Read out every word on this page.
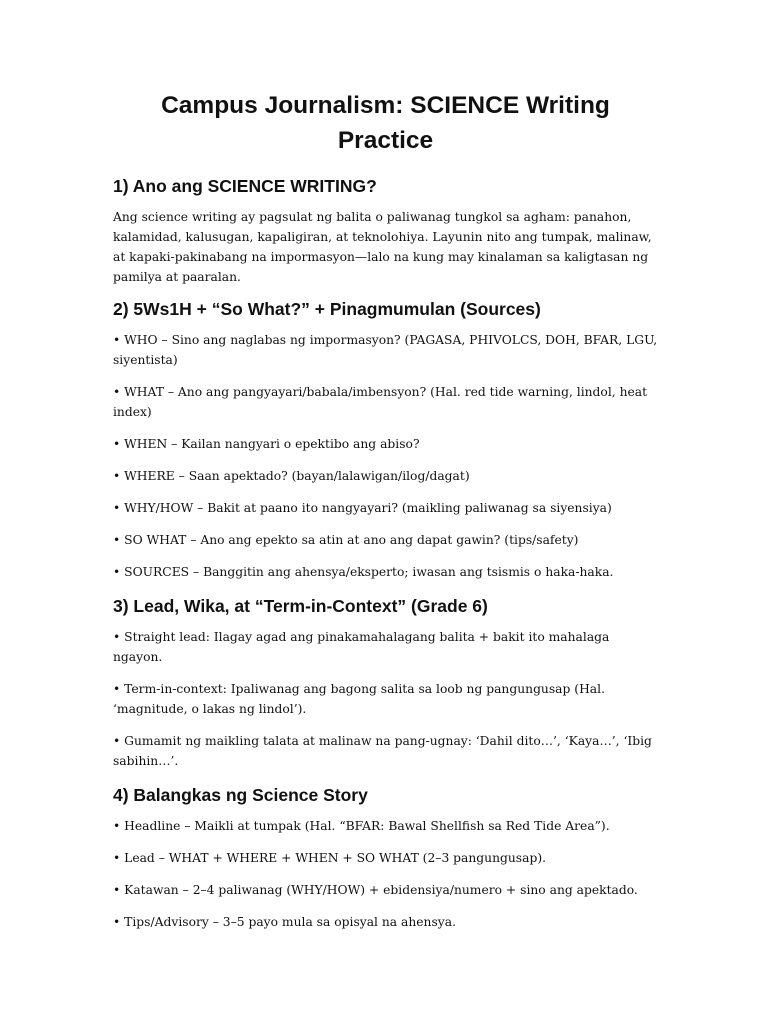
Campus Journalism: SCIENCE Writing Practice
1) Ano ang SCIENCE WRITING?

Ang science writing ay pagsulat ng balita o paliwanag tungkol sa agham: panahon, kalamidad, kalusugan, kapaligiran, at teknolohiya. Layunin nito ang tumpak, malinaw, at kapaki-pakinabang na impormasyon—lalo na kung may kinalaman sa kaligtasan ng pamilya at paaralan.

2) 5Ws1H + “So What?” + Pinagmumulan (Sources)

• WHO – Sino ang naglabas ng impormasyon? (PAGASA, PHIVOLCS, DOH, BFAR, LGU, siyentista)

• WHAT – Ano ang pangyayari/babala/imbensyon? (Hal. red tide warning, lindol, heat index)

• WHEN – Kailan nangyari o epektibo ang abiso?

• WHERE – Saan apektado? (bayan/lalawigan/ilog/dagat)

• WHY/HOW – Bakit at paano ito nangyayari? (maikling paliwanag sa siyensiya)

• SO WHAT – Ano ang epekto sa atin at ano ang dapat gawin? (tips/safety)

• SOURCES – Banggitin ang ahensya/eksperto; iwasan ang tsismis o haka-haka.

3) Lead, Wika, at “Term-in-Context” (Grade 6)

• Straight lead: Ilagay agad ang pinakamahalagang balita + bakit ito mahalaga ngayon.

• Term-in-context: Ipaliwanag ang bagong salita sa loob ng pangungusap (Hal. ‘magnitude, o lakas ng lindol’).

• Gumamit ng maikling talata at malinaw na pang-ugnay: ‘Dahil dito…’, ‘Kaya…’, ‘Ibig sabihin…’.

4) Balangkas ng Science Story

• Headline – Maikli at tumpak (Hal. “BFAR: Bawal Shellfish sa Red Tide Area”).

• Lead – WHAT + WHERE + WHEN + SO WHAT (2–3 pangungusap).

• Katawan – 2–4 paliwanag (WHY/HOW) + ebidensiya/numero + sino ang apektado.

• Tips/Advisory – 3–5 payo mula sa opisyal na ahensya.
